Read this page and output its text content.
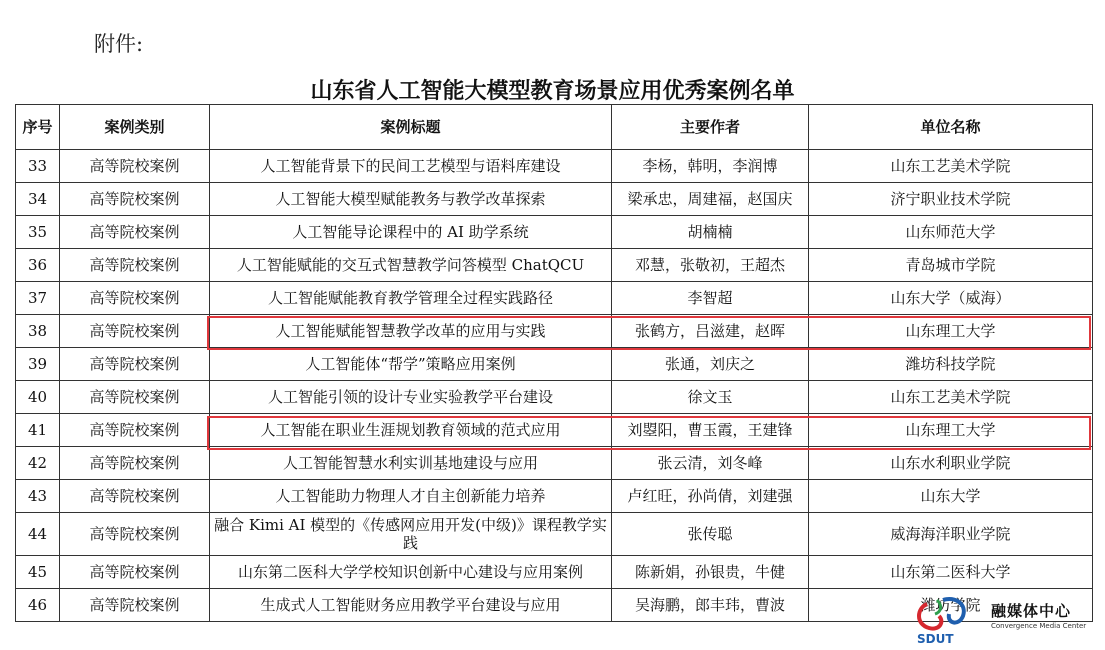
附件:
山东省人工智能大模型教育场景应用优秀案例名单
序号	案例类别	案例标题	主要作者	单位名称
33	高等院校案例	人工智能背景下的民间工艺模型与语料库建设	李杨，韩明，李润博	山东工艺美术学院
34	高等院校案例	人工智能大模型赋能教务与教学改革探索	梁承忠，周建福，赵国庆	济宁职业技术学院
35	高等院校案例	人工智能导论课程中的 AI 助学系统	胡楠楠	山东师范大学
36	高等院校案例	人工智能赋能的交互式智慧教学问答模型 ChatQCU	邓慧，张敬初，王超杰	青岛城市学院
37	高等院校案例	人工智能赋能教育教学管理全过程实践路径	李智超	山东大学（威海）
38	高等院校案例	人工智能赋能智慧教学改革的应用与实践	张鹤方，吕滋建，赵晖	山东理工大学
39	高等院校案例	人工智能体“帮学”策略应用案例	张通，刘庆之	潍坊科技学院
40	高等院校案例	人工智能引领的设计专业实验教学平台建设	徐文玉	山东工艺美术学院
41	高等院校案例	人工智能在职业生涯规划教育领域的范式应用	刘曌阳，曹玉霞，王建锋	山东理工大学
42	高等院校案例	人工智能智慧水利实训基地建设与应用	张云清，刘冬峰	山东水利职业学院
43	高等院校案例	人工智能助力物理人才自主创新能力培养	卢红旺，孙尚倩，刘建强	山东大学
44	高等院校案例	融合 Kimi AI 模型的《传感网应用开发(中级)》课程教学实践	张传聪	威海海洋职业学院
45	高等院校案例	山东第二医科大学学校知识创新中心建设与应用案例	陈新娟，孙银贵，牛健	山东第二医科大学
46	高等院校案例	生成式人工智能财务应用教学平台建设与应用	吴海鹏，郎丰玮，曹波	潍坊学院
SDUT
融媒体中心
Convergence Media Center
